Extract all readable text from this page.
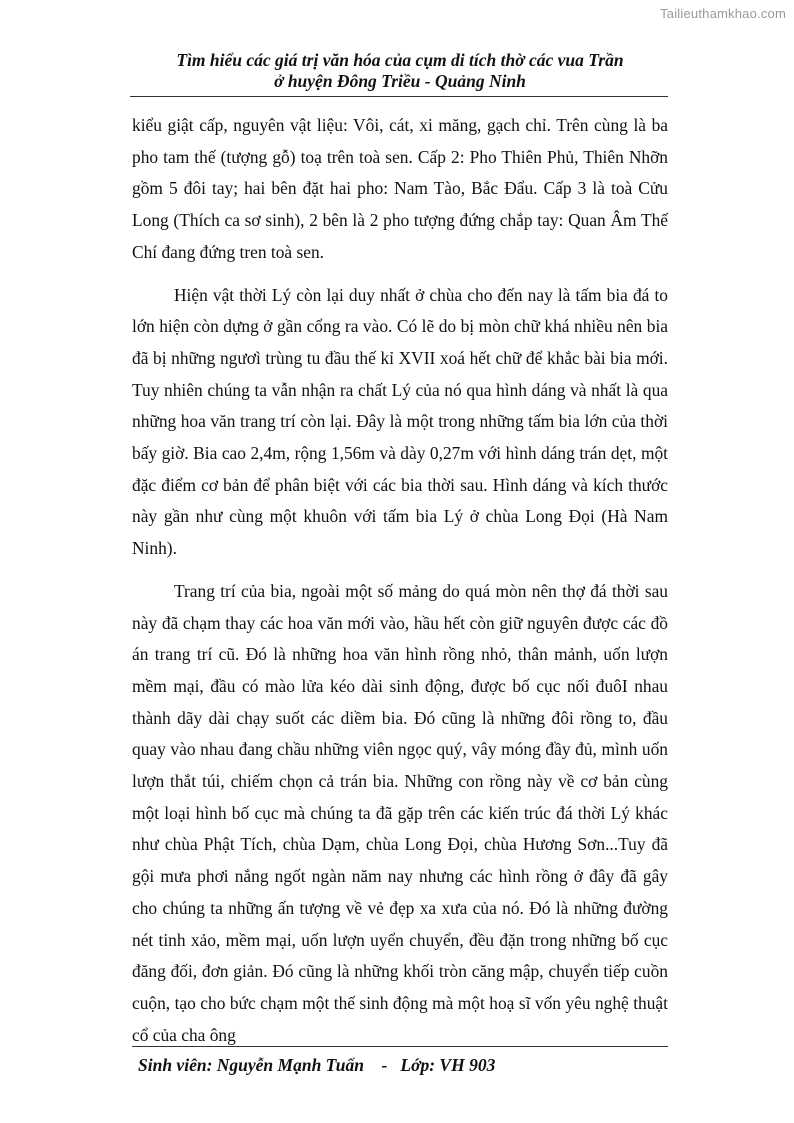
Tailieuthamkhao.com
Tìm hiểu các giá trị văn hóa của cụm di tích thờ các vua Trần
ở huyện Đông Triều - Quảng Ninh

kiểu giật cấp, nguyên vật liệu: Vôi, cát, xi măng, gạch chỉ. Trên cùng là ba pho tam thế (tượng gỗ) toạ trên toà sen. Cấp 2: Pho Thiên Phủ, Thiên Nhỡn gồm 5 đôi tay; hai bên đặt hai pho: Nam Tào, Bắc Đẩu. Cấp 3 là toà Cửu Long (Thích ca sơ sinh), 2 bên là 2 pho tượng đứng chắp tay: Quan Âm Thế Chí đang đứng tren toà sen.

Hiện vật thời Lý còn lại duy nhất ở chùa cho đến nay là tấm bia đá to lớn hiện còn dựng ở gần cổng ra vào. Có lẽ do bị mòn chữ khá nhiều nên bia đã bị những ngươì trùng tu đầu thế kỉ XVII xoá hết chữ để khắc bài bia mới. Tuy nhiên chúng ta vẫn nhận ra chất Lý của nó qua hình dáng và nhất là qua những hoa văn trang trí còn lại. Đây là một trong những tấm bia lớn của thời bấy giờ. Bia cao 2,4m, rộng 1,56m và dày 0,27m với hình dáng trán dẹt, một đặc điểm cơ bản để phân biệt với các bia thời sau. Hình dáng và kích thước này gần như cùng một khuôn với tấm bia Lý ở chùa Long Đọi (Hà Nam Ninh).

Trang trí của bia, ngoài một số mảng do quá mòn nên thợ đá thời sau này đã chạm thay các hoa văn mới vào, hầu hết còn giữ nguyên được các đồ án trang trí cũ. Đó là những hoa văn hình rồng nhỏ, thân mảnh, uốn lượn mềm mại, đầu có mào lửa kéo dài sinh động, được bố cục nối đuôI nhau thành dãy dài chạy suốt các diềm bia. Đó cũng là những đôi rồng to, đầu quay vào nhau đang chầu những viên ngọc quý, vây móng đầy đủ, mình uốn lượn thắt túi, chiếm chọn cả trán bia. Những con rồng này về cơ bản cùng một loại hình bố cục mà chúng ta đã gặp trên các kiến trúc đá thời Lý khác như chùa Phật Tích, chùa Dạm, chùa Long Đọi, chùa Hương Sơn...Tuy đã gội mưa phơi nắng ngốt ngàn năm nay nhưng các hình rồng ở đây đã gây cho chúng ta những ấn tượng về vẻ đẹp xa xưa của nó. Đó là những đường nét tinh xảo, mềm mại, uốn lượn uyển chuyển, đều đặn trong những bố cục đăng đối, đơn giản. Đó cũng là những khối tròn căng mập, chuyển tiếp cuồn cuộn, tạo cho bức chạm một thế sinh động mà một hoạ sĩ vốn yêu nghệ thuật cổ của cha ông

Sinh viên: Nguyễn Mạnh Tuấn - Lớp: VH 903
